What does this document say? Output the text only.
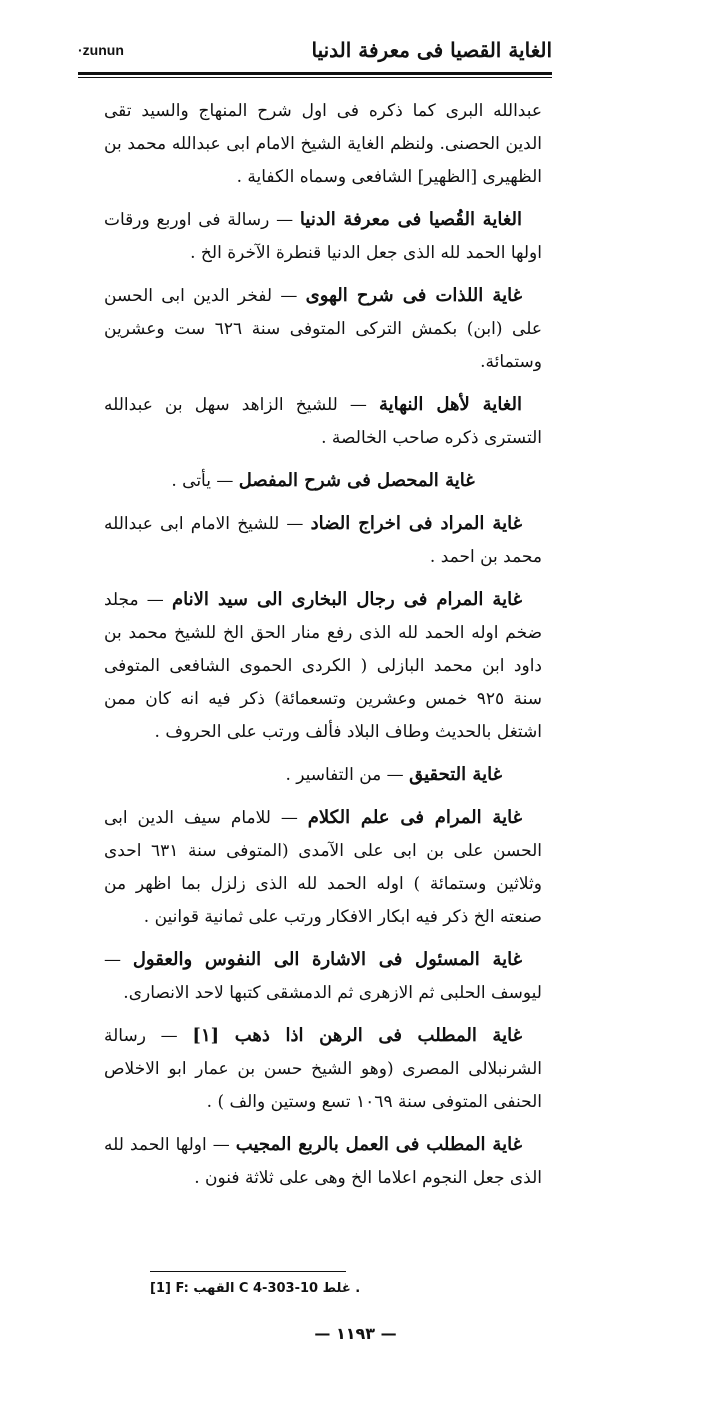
·zunun	الغاية القصيا فى معرفة الدنيا

عبدالله البرى كما ذكره فى اول شرح المنهاج والسيد تقى الدين الحصنى. ولنظم الغاية الشيخ الامام ابى عبدالله محمد بن الظهيرى [الظهير] الشافعى وسماه الكفاية .

الغاية القُصيا فى معرفة الدنيا — رسالة فى اوربع ورقات اولها الحمد لله الذى جعل الدنيا قنطرة الآخرة الخ .

غاية اللذات فى شرح الهوى — لفخر الدين ابى الحسن على (ابن) بكمش التركى المتوفى سنة ٦٢٦ ست وعشرين وستمائة.

الغاية لأهل النهاية — للشيخ الزاهد سهل بن عبدالله التسترى ذكره صاحب الخالصة .

غاية المحصل فى شرح المفصل — يأتى .

غاية المراد فى اخراج الضاد — للشيخ الامام ابى عبدالله محمد بن احمد .

غاية المرام فى رجال البخارى الى سيد الانام — مجلد ضخم اوله الحمد لله الذى رفع منار الحق الخ للشيخ محمد بن داود ابن محمد البازلى ( الكردى الحموى الشافعى المتوفى سنة ٩٢٥ خمس وعشرين وتسعمائة) ذكر فيه انه كان ممن اشتغل بالحديث وطاف البلاد فألف ورتب على الحروف .

غاية التحقيق — من التفاسير .

غاية المرام فى علم الكلام — للامام سيف الدين ابى الحسن على بن ابى على الآمدى (المتوفى سنة ٦٣١ احدى وثلاثين وستمائة ) اوله الحمد لله الذى زلزل بما اظهر من صنعته الخ ذكر فيه ابكار الافكار ورتب على ثمانية قوانين .

غاية المسئول فى الاشارة الى النفوس والعقول — ليوسف الحلبى ثم الازهرى ثم الدمشقى كتبها لاحد الانصارى.

غاية المطلب فى الرهن اذا ذهب [١] — رسالة الشرنبلالى المصرى (وهو الشيخ حسن بن عمار ابو الاخلاص الحنفى المتوفى سنة ١٠٦٩ تسع وستين والف ) .

غاية المطلب فى العمل بالربع المجيب — اولها الحمد لله الذى جعل النجوم اعلاما الخ وهى على ثلاثة فنون .

[1] F: القهب C 4-303-10 غلط .
— ١١٩٣ —
